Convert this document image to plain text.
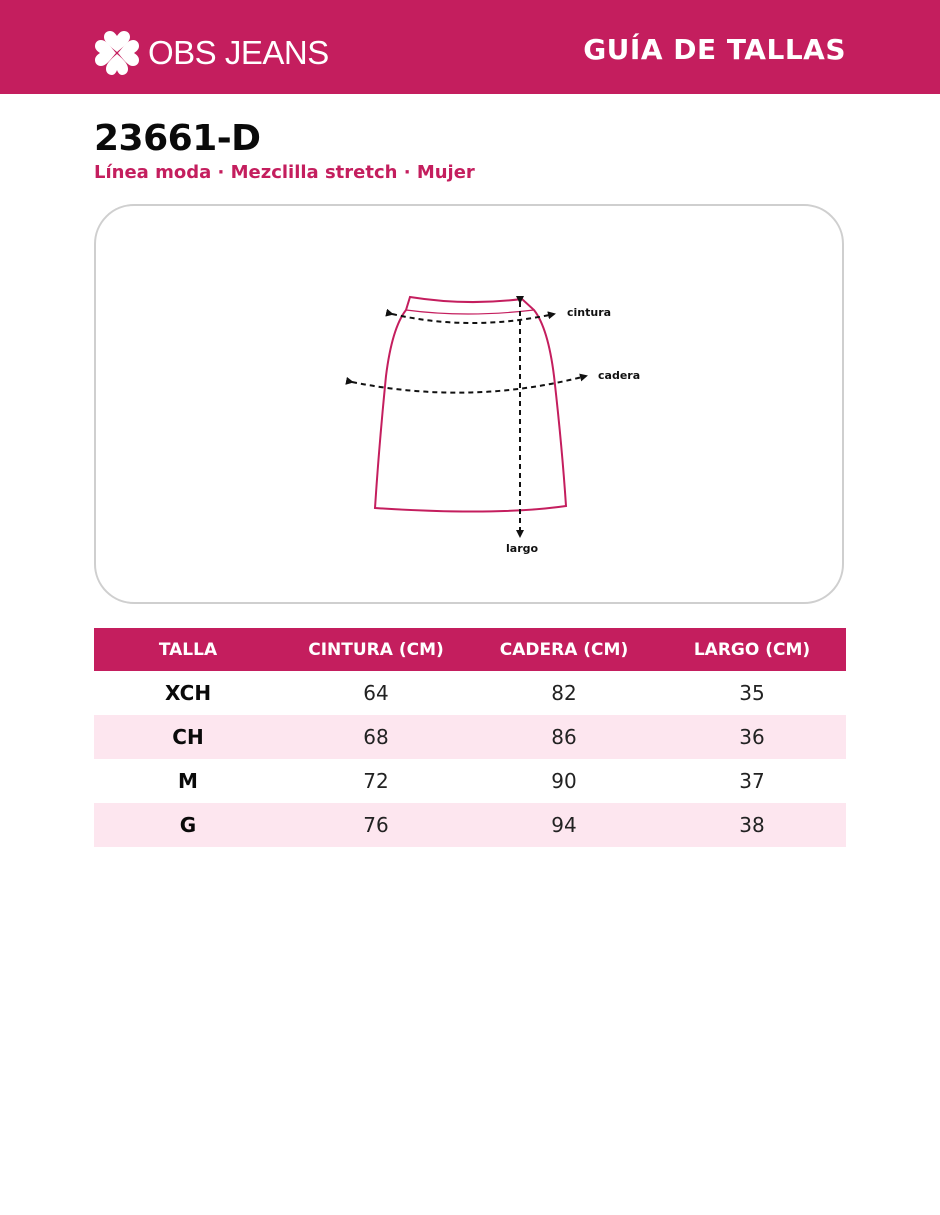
OBS JEANS	GUÍA DE TALLAS
23661-D
Línea moda · Mezclilla stretch · Mujer
cintura
cadera
largo
TALLA	CINTURA (CM)	CADERA (CM)	LARGO (CM)
XCH	64	82	35
CH	68	86	36
M	72	90	37
G	76	94	38
